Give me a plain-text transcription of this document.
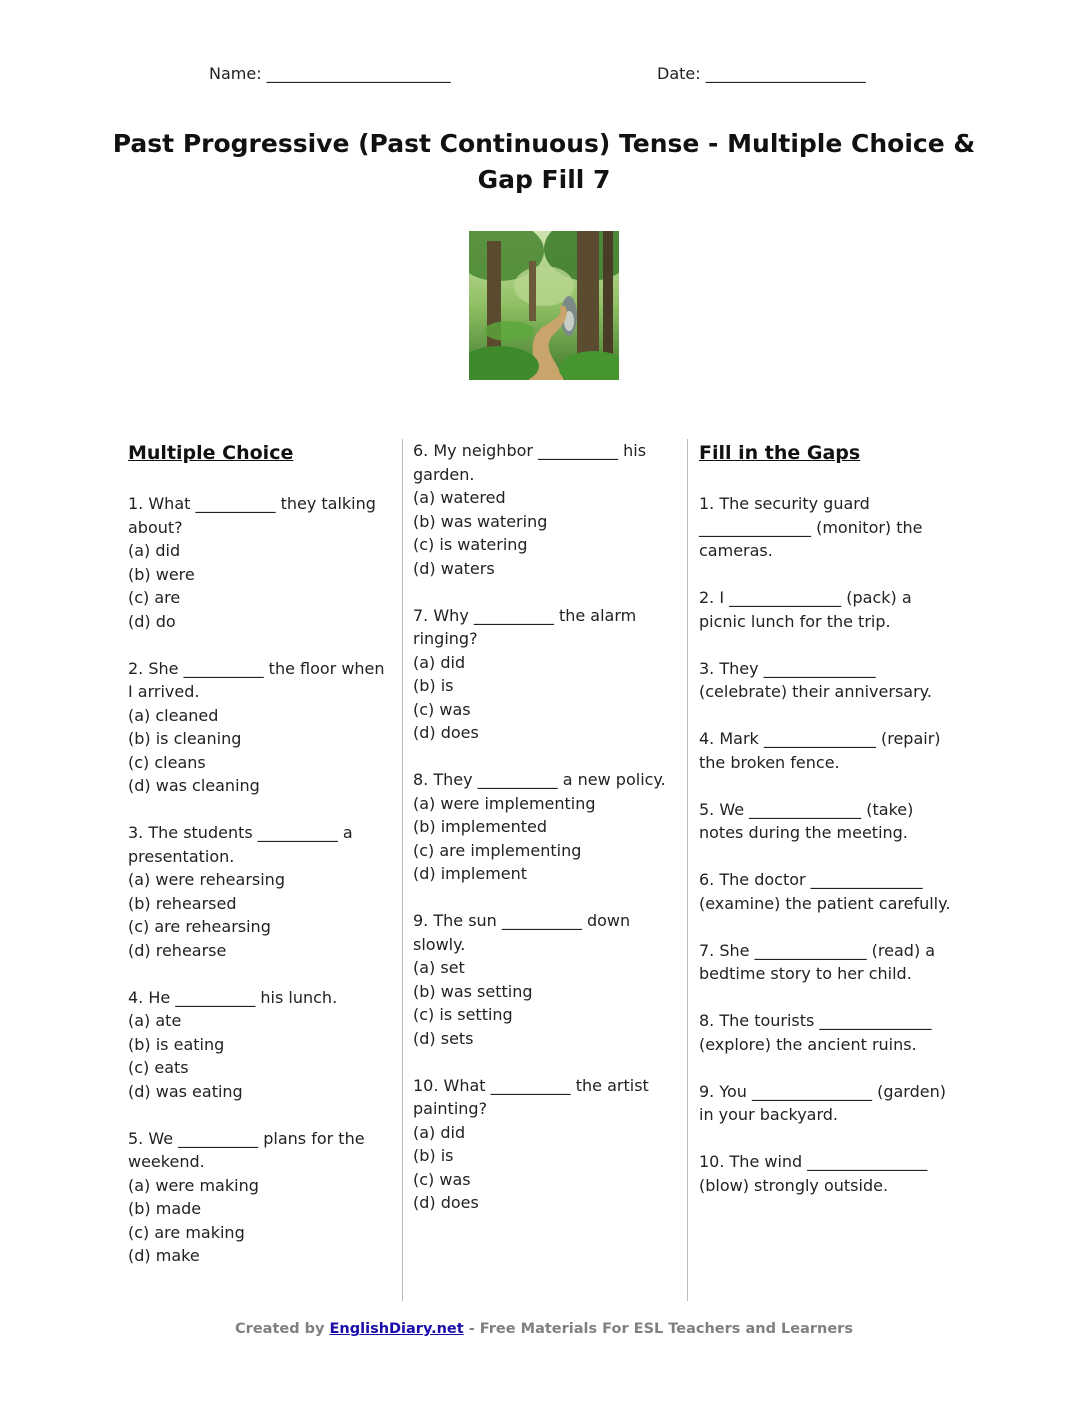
Name: _______________________	Date: ____________________
Past Progressive (Past Continuous) Tense - Multiple Choice & Gap Fill 7
Multiple Choice
1. What __________ they talking about?
(a) did
(b) were
(c) are
(d) do
2. She __________ the floor when I arrived.
(a) cleaned
(b) is cleaning
(c) cleans
(d) was cleaning
3. The students __________ a presentation.
(a) were rehearsing
(b) rehearsed
(c) are rehearsing
(d) rehearse
4. He __________ his lunch.
(a) ate
(b) is eating
(c) eats
(d) was eating
5. We __________ plans for the weekend.
(a) were making
(b) made
(c) are making
(d) make
6. My neighbor __________ his garden.
(a) watered
(b) was watering
(c) is watering
(d) waters
7. Why __________ the alarm ringing?
(a) did
(b) is
(c) was
(d) does
8. They __________ a new policy.
(a) were implementing
(b) implemented
(c) are implementing
(d) implement
9. The sun __________ down slowly.
(a) set
(b) was setting
(c) is setting
(d) sets
10. What __________ the artist painting?
(a) did
(b) is
(c) was
(d) does
Fill in the Gaps
1. The security guard ______________ (monitor) the cameras.
2. I ______________ (pack) a picnic lunch for the trip.
3. They ______________ (celebrate) their anniversary.
4. Mark ______________ (repair) the broken fence.
5. We ______________ (take) notes during the meeting.
6. The doctor ______________ (examine) the patient carefully.
7. She ______________ (read) a bedtime story to her child.
8. The tourists ______________ (explore) the ancient ruins.
9. You _______________ (garden) in your backyard.
10. The wind _______________ (blow) strongly outside.
Created by EnglishDiary.net - Free Materials For ESL Teachers and Learners
